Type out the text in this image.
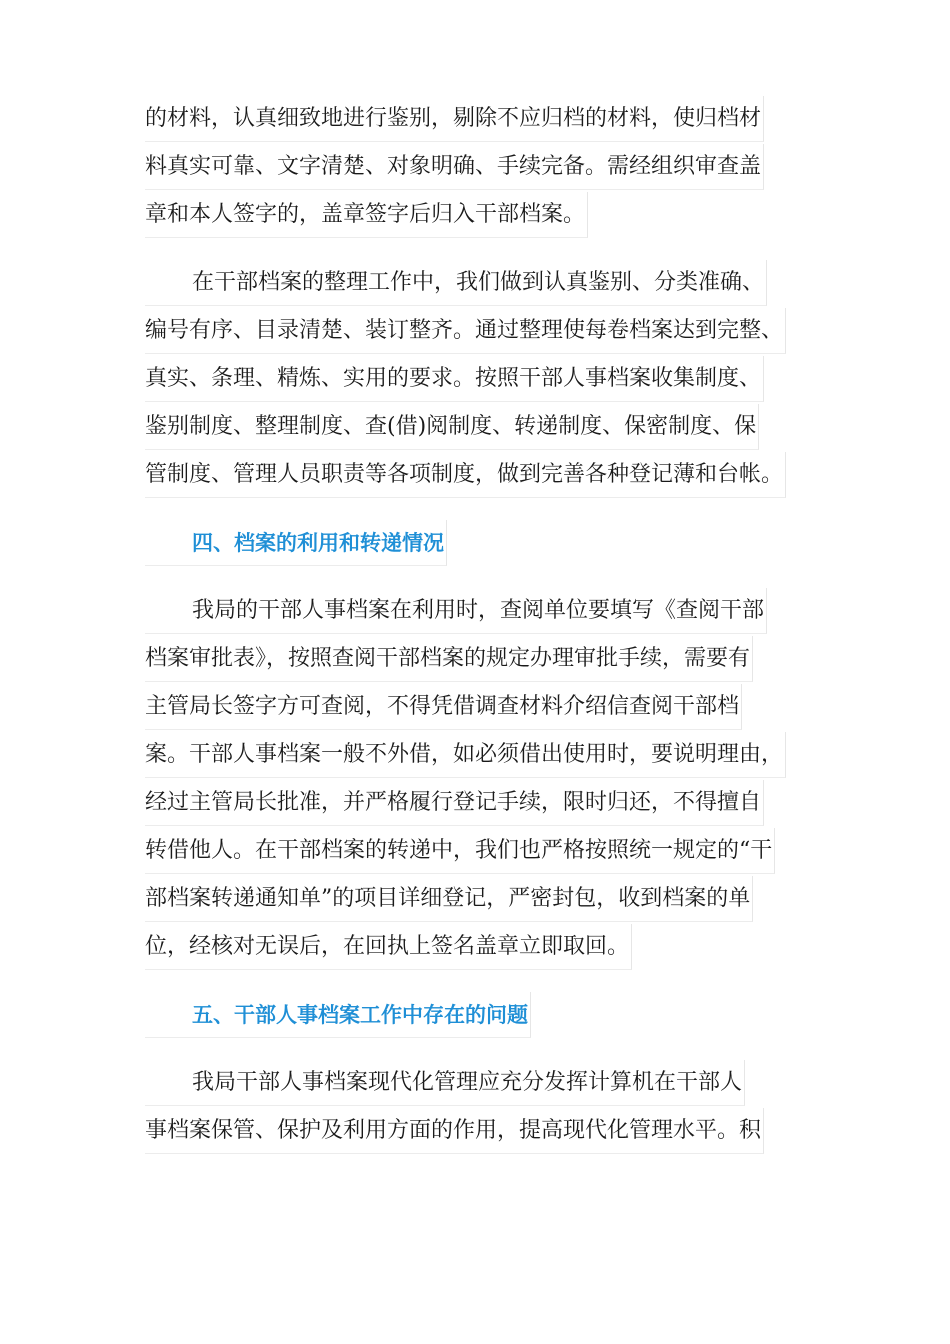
的材料，认真细致地进行鉴别，剔除不应归档的材料，使归档材
料真实可靠、文字清楚、对象明确、手续完备。需经组织审查盖
章和本人签字的，盖章签字后归入干部档案。
在干部档案的整理工作中，我们做到认真鉴别、分类准确、
编号有序、目录清楚、装订整齐。通过整理使每卷档案达到完整、
真实、条理、精炼、实用的要求。按照干部人事档案收集制度、
鉴别制度、整理制度、查(借)阅制度、转递制度、保密制度、保
管制度、管理人员职责等各项制度，做到完善各种登记薄和台帐。
四、档案的利用和转递情况
我局的干部人事档案在利用时，查阅单位要填写《查阅干部
档案审批表》，按照查阅干部档案的规定办理审批手续，需要有
主管局长签字方可查阅，不得凭借调查材料介绍信查阅干部档
案。干部人事档案一般不外借，如必须借出使用时，要说明理由，
经过主管局长批准，并严格履行登记手续，限时归还，不得擅自
转借他人。在干部档案的转递中，我们也严格按照统一规定的“干
部档案转递通知单”的项目详细登记，严密封包，收到档案的单
位，经核对无误后，在回执上签名盖章立即取回。
五、干部人事档案工作中存在的问题
我局干部人事档案现代化管理应充分发挥计算机在干部人
事档案保管、保护及利用方面的作用，提高现代化管理水平。积
